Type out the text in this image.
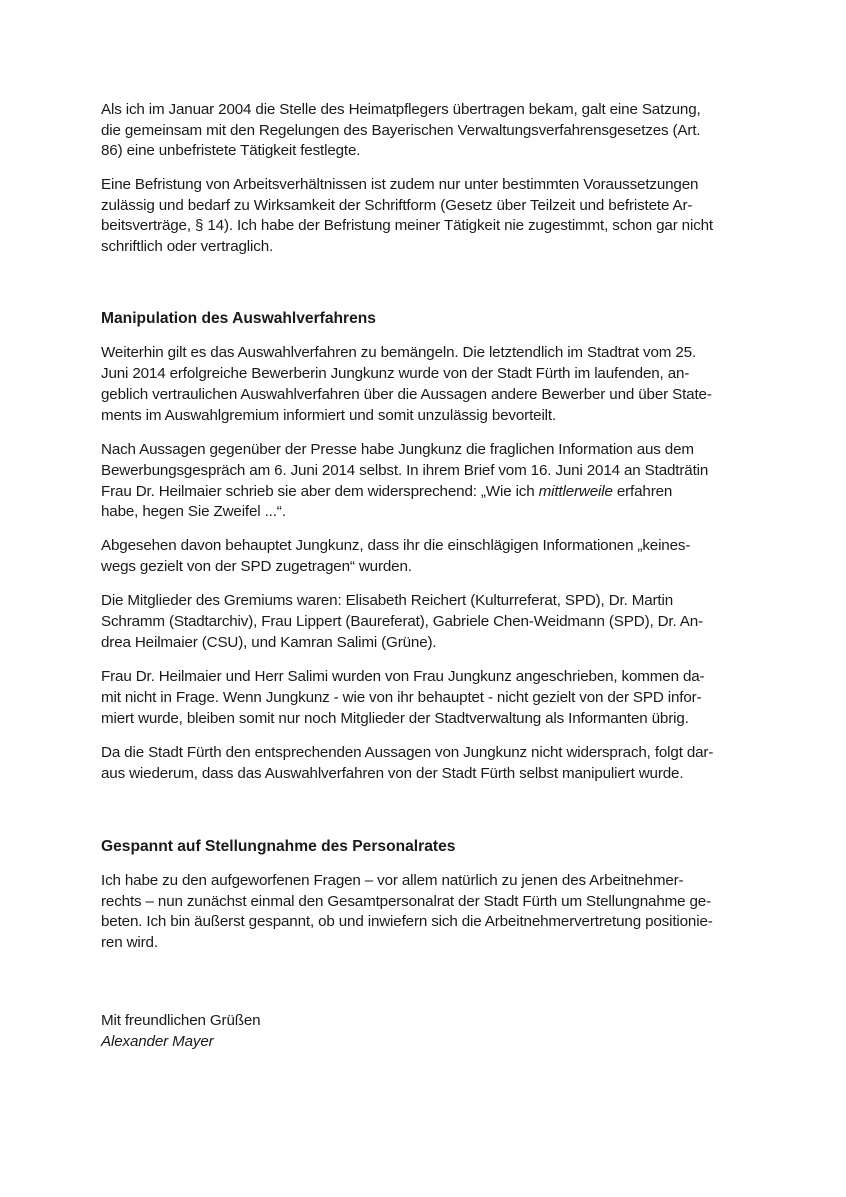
Als ich im Januar 2004 die Stelle des Heimatpflegers übertragen bekam, galt eine Satzung,
die gemeinsam mit den Regelungen des Bayerischen Verwaltungsverfahrensgesetzes (Art.
86) eine unbefristete Tätigkeit festlegte.
Eine Befristung von Arbeitsverhältnissen ist zudem nur unter bestimmten Voraussetzungen
zulässig und bedarf zu Wirksamkeit der Schriftform (Gesetz über Teilzeit und befristete Ar-
beitsverträge, § 14). Ich habe der Befristung meiner Tätigkeit nie zugestimmt, schon gar nicht
schriftlich oder vertraglich.
Manipulation des Auswahlverfahrens
Weiterhin gilt es das Auswahlverfahren zu bemängeln. Die letztendlich im Stadtrat vom 25.
Juni 2014 erfolgreiche Bewerberin Jungkunz wurde von der Stadt Fürth im laufenden, an-
geblich vertraulichen Auswahlverfahren über die Aussagen andere Bewerber und über State-
ments im Auswahlgremium informiert und somit unzulässig bevorteilt.
Nach Aussagen gegenüber der Presse habe Jungkunz die fraglichen Information aus dem
Bewerbungsgespräch am 6. Juni 2014 selbst. In ihrem Brief vom 16. Juni 2014 an Stadträtin
Frau Dr. Heilmaier schrieb sie aber dem widersprechend: „Wie ich mittlerweile erfahren
habe, hegen Sie Zweifel ...“.
Abgesehen davon behauptet Jungkunz, dass ihr die einschlägigen Informationen „keines-
wegs gezielt von der SPD zugetragen“ wurden.
Die Mitglieder des Gremiums waren: Elisabeth Reichert (Kulturreferat, SPD), Dr. Martin
Schramm (Stadtarchiv), Frau Lippert (Baureferat), Gabriele Chen-Weidmann (SPD), Dr. An-
drea Heilmaier (CSU), und Kamran Salimi (Grüne).
Frau Dr. Heilmaier und Herr Salimi wurden von Frau Jungkunz angeschrieben, kommen da-
mit nicht in Frage. Wenn Jungkunz - wie von ihr behauptet - nicht gezielt von der SPD infor-
miert wurde, bleiben somit nur noch Mitglieder der Stadtverwaltung als Informanten übrig.
Da die Stadt Fürth den entsprechenden Aussagen von Jungkunz nicht widersprach, folgt dar-
aus wiederum, dass das Auswahlverfahren von der Stadt Fürth selbst manipuliert wurde.
Gespannt auf Stellungnahme des Personalrates
Ich habe zu den aufgeworfenen Fragen – vor allem natürlich zu jenen des Arbeitnehmer-
rechts – nun zunächst einmal den Gesamtpersonalrat der Stadt Fürth um Stellungnahme ge-
beten. Ich bin äußerst gespannt, ob und inwiefern sich die Arbeitnehmervertretung positionie-
ren wird.
Mit freundlichen Grüßen
Alexander Mayer
